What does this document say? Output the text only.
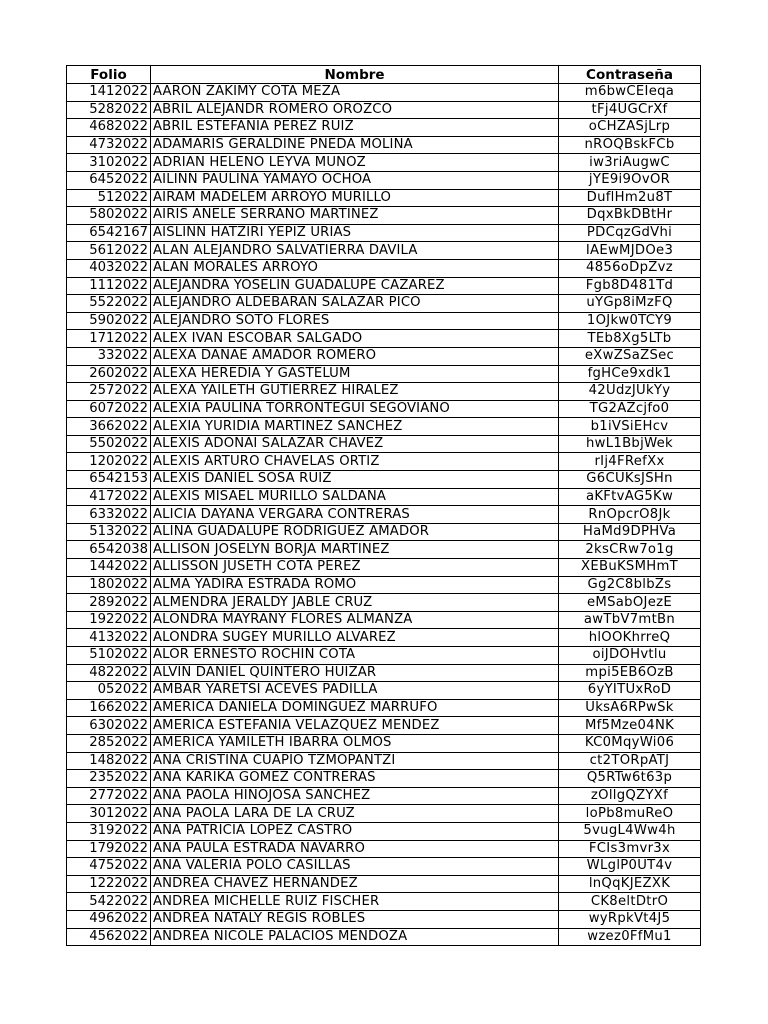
Folio	Nombre	Contraseña
1412022	AARON ZAKIMY COTA MEZA	m6bwCEIeqa
5282022	ABRIL ALEJANDR ROMERO OROZCO	tFj4UGCrXf
4682022	ABRIL ESTEFANIA PEREZ RUIZ	oCHZASjLrp
4732022	ADAMARIS GERALDINE PNEDA MOLINA	nROQBskFCb
3102022	ADRIAN HELENO LEYVA MUNOZ	iw3riAugwC
6452022	AILINN PAULINA YAMAYO OCHOA	jYE9i9OvOR
512022	AIRAM MADELEM ARROYO MURILLO	DuflHm2u8T
5802022	AIRIS ANELE SERRANO MARTINEZ	DqxBkDBtHr
6542167	AISLINN HATZIRI YEPIZ URIAS	PDCqzGdVhi
5612022	ALAN ALEJANDRO SALVATIERRA DAVILA	IAEwMJDOe3
4032022	ALAN MORALES ARROYO	4856oDpZvz
1112022	ALEJANDRA YOSELIN GUADALUPE CAZAREZ	Fgb8D481Td
5522022	ALEJANDRO ALDEBARAN SALAZAR PICO	uYGp8iMzFQ
5902022	ALEJANDRO SOTO FLORES	1OJkw0TCY9
1712022	ALEX IVAN ESCOBAR SALGADO	TEb8Xg5LTb
332022	ALEXA DANAE AMADOR ROMERO	eXwZSaZSec
2602022	ALEXA HEREDIA Y GASTELUM	fgHCe9xdk1
2572022	ALEXA YAILETH GUTIERREZ HIRALEZ	42UdzJUkYy
6072022	ALEXIA PAULINA TORRONTEGUI SEGOVIANO	TG2AZcjfo0
3662022	ALEXIA YURIDIA MARTINEZ SANCHEZ	b1iVSiEHcv
5502022	ALEXIS ADONAI SALAZAR CHAVEZ	hwL1BbjWek
1202022	ALEXIS ARTURO CHAVELAS ORTIZ	rIj4FRefXx
6542153	ALEXIS DANIEL SOSA RUIZ	G6CUKsJSHn
4172022	ALEXIS MISAEL MURILLO SALDAÑA	aKFtvAG5Kw
6332022	ALICIA DAYANA VERGARA CONTRERAS	RnOpcrO8Jk
5132022	ALINA GUADALUPE RODRIGUEZ AMADOR	HaMd9DPHVa
6542038	ALLISON JOSELYN BORJA MARTINEZ	2ksCRw7o1g
1442022	ALLISSON JUSETH COTA PEREZ	XEBuKSMHmT
1802022	ALMA YADIRA ESTRADA ROMO	Gg2C8blbZs
2892022	ALMENDRA JERALDY JABLE CRUZ	eMSabOJezE
1922022	ALONDRA MAYRANY FLORES ALMANZA	awTbV7mtBn
4132022	ALONDRA SUGEY MURILLO ALVAREZ	hlOOKhrreQ
5102022	ALOR ERNESTO ROCHIN COTA	oiJDOHvtlu
4822022	ALVIN DANIEL QUINTERO HUIZAR	mpi5EB6OzB
052022	AMBAR YARETSI ACEVES PADILLA	6yYITUxRoD
1662022	AMERICA DANIELA DOMINGUEZ MARRUFO	UksA6RPwSk
6302022	AMERICA ESTEFANIA VELAZQUEZ MENDEZ	Mf5Mze04NK
2852022	AMERICA YAMILETH IBARRA OLMOS	KC0MqyWi06
1482022	ANA CRISTINA CUAPIO TZMOPANTZI	ct2TORpATJ
2352022	ANA KARIKA GOMEZ CONTRERAS	Q5RTw6t63p
2772022	ANA PAOLA HINOJOSA SANCHEZ	zOllgQZYXf
3012022	ANA PAOLA LARA DE LA CRUZ	loPb8muReO
3192022	ANA PATRICIA LOPEZ CASTRO	5vugL4Ww4h
1792022	ANA PAULA ESTRADA NAVARRO	FCIs3mvr3x
4752022	ANA VALERIA POLO CASILLAS	WLglP0UT4v
1222022	ANDREA CHAVEZ HERNANDEZ	lnQqKJEZXK
5422022	ANDREA MICHELLE RUIZ FISCHER	CK8eltDtrO
4962022	ANDREA NATALY REGIS ROBLES	wyRpkVt4J5
4562022	ANDREA NICOLE PALACIOS MENDOZA	wzez0FfMu1
